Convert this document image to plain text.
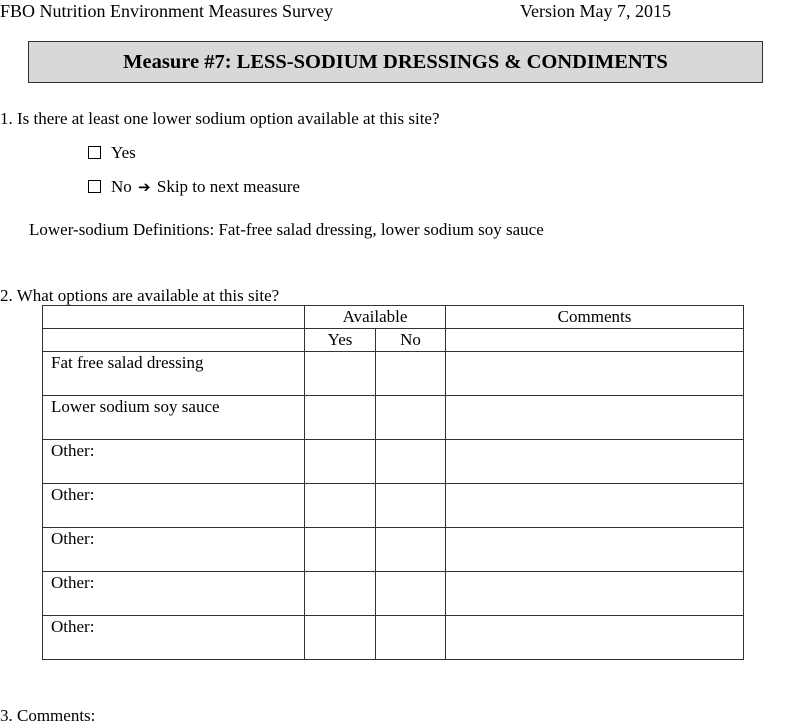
FBO Nutrition Environment Measures Survey	Version May 7, 2015
Measure #7: LESS-SODIUM DRESSINGS & CONDIMENTS
1. Is there at least one lower sodium option available at this site?
Yes
No ➔ Skip to next measure
Lower-sodium Definitions: Fat-free salad dressing, lower sodium soy sauce
2. What options are available at this site?
	Available		Comments
	Yes	No	
Fat free salad dressing			
Lower sodium soy sauce			
Other:			
Other:			
Other:			
Other:			
Other:			
3. Comments:
